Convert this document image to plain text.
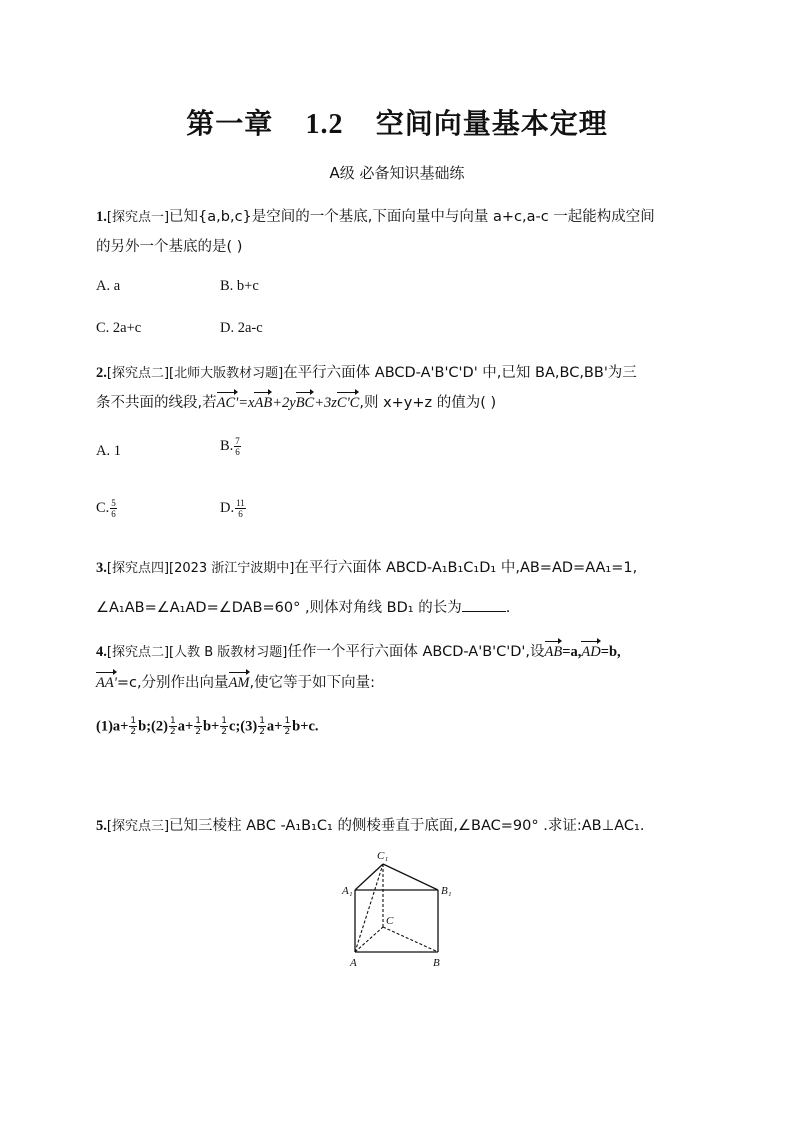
第一章 1.2 空间向量基本定理
A级 必备知识基础练
1.[探究点一]已知{a,b,c}是空间的一个基底,下面向量中与向量 a+c,a-c 一起能构成空间
的另外一个基底的是( )
A. a	B. b+c
C. 2a+c	D. 2a-c
2.[探究点二][北师大版教材习题]在平行六面体 ABCD-A'B'C'D' 中,已知 BA,BC,BB'为三
条不共面的线段,若AC'=xAB+2yBC+3zC'C,则 x+y+z 的值为( )
A. 1	B. $\frac{7}{6}$
C. $\frac{5}{6}$	D. $\frac{11}{6}$
3.[探究点四][2023 浙江宁波期中]在平行六面体 ABCD-A₁B₁C₁D₁ 中,AB=AD=AA₁=1,
∠A₁AB=∠A₁AD=∠DAB=60° ,则体对角线 BD₁ 的长为	.
4.[探究点二][人教 B 版教材习题]任作一个平行六面体 ABCD-A'B'C'D',设AB=a,AD=b,
AA'=c,分别作出向量AM,使它等于如下向量:
$(1)a+ \frac{1}{2}$ b;(2) $\frac{1}{2} a+ \frac{1}{2} b+ \frac{1}{2}$ c;(3) $\frac{1}{2} a+ \frac{1}{2} b+c$.
5.[探究点三]已知三棱柱 ABC -A₁B₁C₁ 的侧棱垂直于底面,∠BAC=90° .求证:AB⊥AC₁.
C₁
A₁	B₁
C
A	B
